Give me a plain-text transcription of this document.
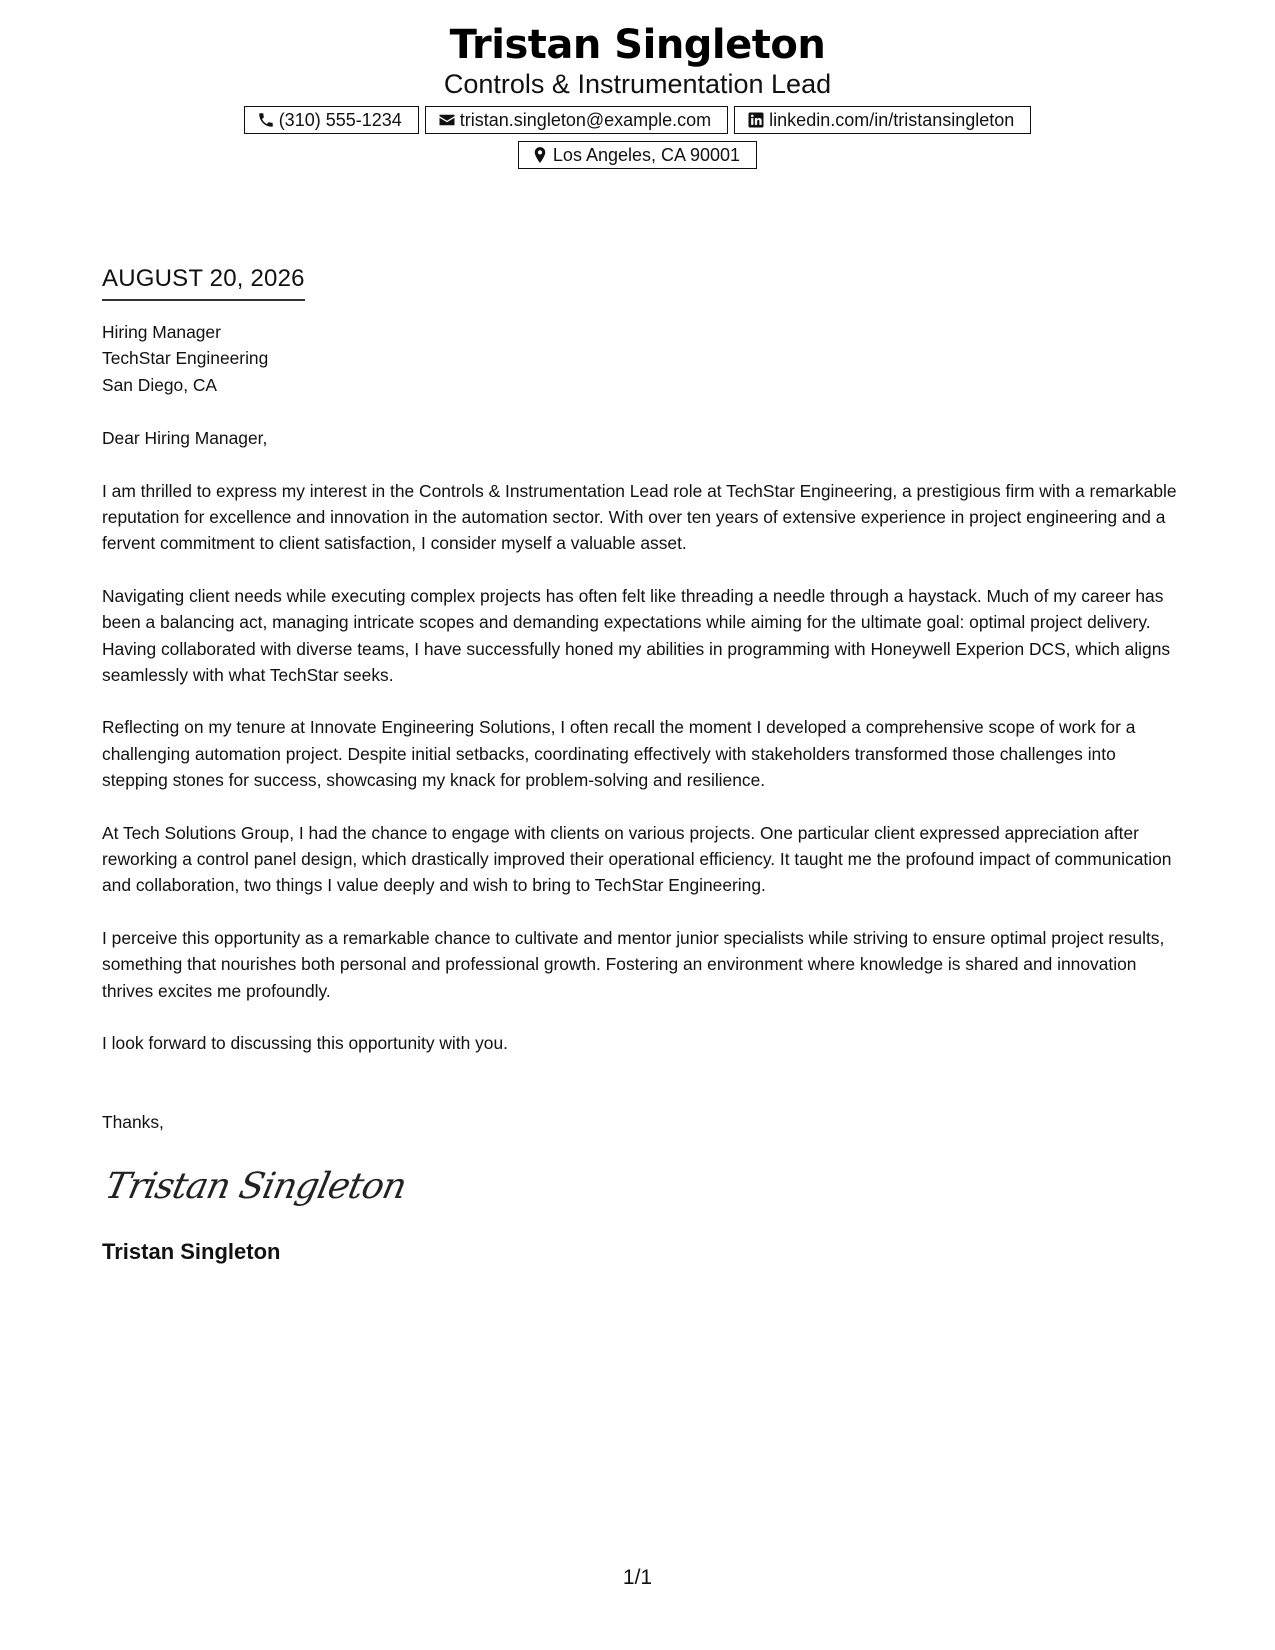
Tristan Singleton
Controls & Instrumentation Lead
(310) 555-1234	tristan.singleton@example.com	linkedin.com/in/tristansingleton
Los Angeles, CA 90001
AUGUST 20, 2026
Hiring Manager
TechStar Engineering
San Diego, CA
Dear Hiring Manager,

I am thrilled to express my interest in the Controls & Instrumentation Lead role at TechStar Engineering, a prestigious firm with a remarkable reputation for excellence and innovation in the automation sector. With over ten years of extensive experience in project engineering and a fervent commitment to client satisfaction, I consider myself a valuable asset.

Navigating client needs while executing complex projects has often felt like threading a needle through a haystack. Much of my career has been a balancing act, managing intricate scopes and demanding expectations while aiming for the ultimate goal: optimal project delivery. Having collaborated with diverse teams, I have successfully honed my abilities in programming with Honeywell Experion DCS, which aligns seamlessly with what TechStar seeks.

Reflecting on my tenure at Innovate Engineering Solutions, I often recall the moment I developed a comprehensive scope of work for a challenging automation project. Despite initial setbacks, coordinating effectively with stakeholders transformed those challenges into stepping stones for success, showcasing my knack for problem-solving and resilience.

At Tech Solutions Group, I had the chance to engage with clients on various projects. One particular client expressed appreciation after reworking a control panel design, which drastically improved their operational efficiency. It taught me the profound impact of communication and collaboration, two things I value deeply and wish to bring to TechStar Engineering.

I perceive this opportunity as a remarkable chance to cultivate and mentor junior specialists while striving to ensure optimal project results, something that nourishes both personal and professional growth. Fostering an environment where knowledge is shared and innovation thrives excites me profoundly.

I look forward to discussing this opportunity with you.

Thanks,
Tristan Singleton
Tristan Singleton
1/1
